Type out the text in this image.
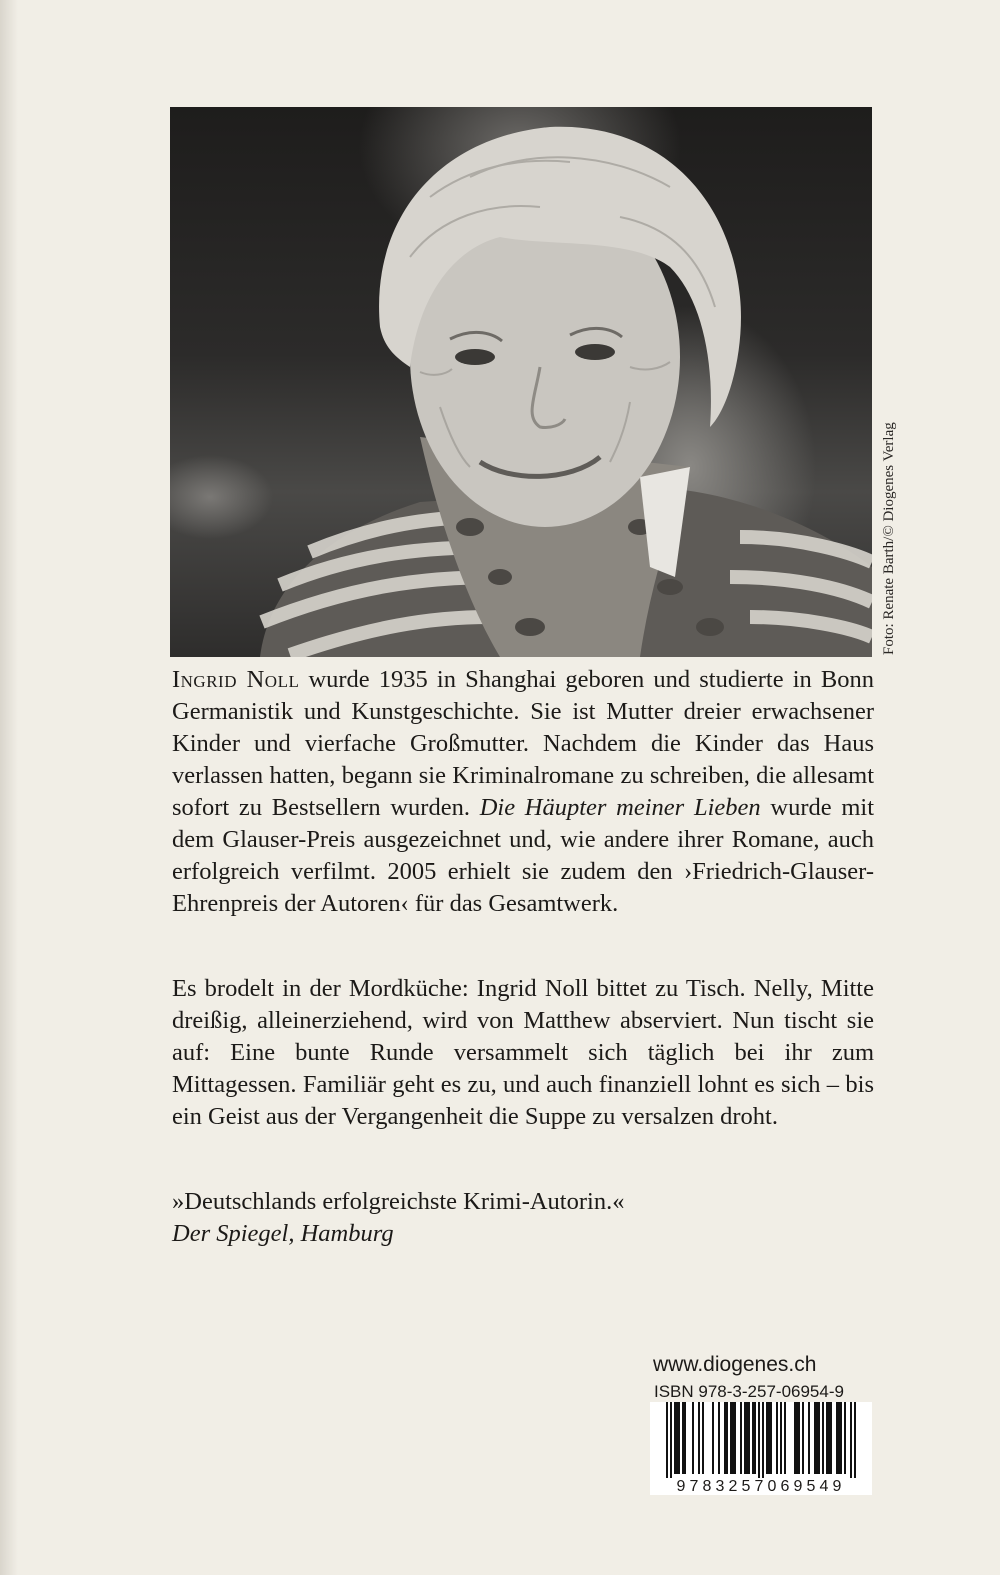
Foto: Renate Barth/© Diogenes Verlag
Ingrid Noll wurde 1935 in Shanghai geboren und studierte in Bonn Germanistik und Kunstgeschichte. Sie ist Mutter dreier erwachsener Kinder und vierfache Großmutter. Nachdem die Kinder das Haus verlassen hatten, begann sie Kriminalromane zu schreiben, die allesamt sofort zu Bestsellern wurden. Die Häupter meiner Lieben wurde mit dem Glauser-Preis ausgezeichnet und, wie andere ihrer Romane, auch erfolgreich verfilmt. 2005 erhielt sie zudem den ›Friedrich-Glauser-Ehrenpreis der Autoren‹ für das Gesamtwerk.
Es brodelt in der Mordküche: Ingrid Noll bittet zu Tisch. Nelly, Mitte dreißig, alleinerziehend, wird von Matthew abserviert. Nun tischt sie auf: Eine bunte Runde versammelt sich täglich bei ihr zum Mittagessen. Familiär geht es zu, und auch finanziell lohnt es sich – bis ein Geist aus der Vergangenheit die Suppe zu versalzen droht.
»Deutschlands erfolgreichste Krimi-Autorin.«
Der Spiegel, Hamburg
www.diogenes.ch
ISBN 978-3-257-06954-9
9783257069549
